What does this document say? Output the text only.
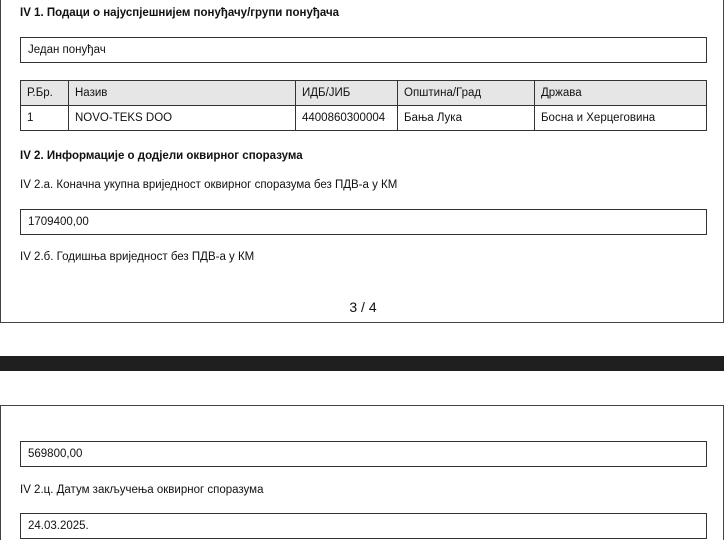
IV 1. Подаци о најуспјешнијем понуђачу/групи понуђача
Један понуђач
Р.Бр.	Назив	ИДБ/ЈИБ	Општина/Град	Држава
1	NOVO-TEKS DOO	4400860300004	Бања Лука	Босна и Херцеговина
IV 2. Информације о додјели оквирног споразума
IV 2.а. Коначна укупна вриједност оквирног споразума без ПДВ-а у КМ
1709400,00
IV 2.б. Годишња вриједност без ПДВ-а у КМ
3 / 4
569800,00
IV 2.ц. Датум закључења оквирног споразума
24.03.2025.
